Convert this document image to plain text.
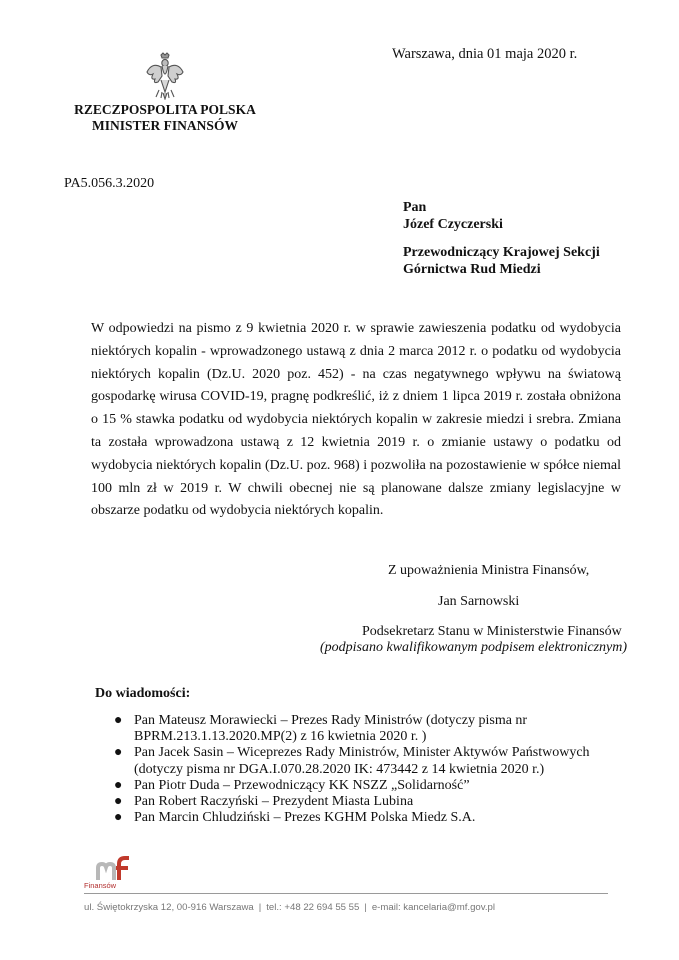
Warszawa, dnia 01 maja 2020 r.
RZECZPOSPOLITA POLSKA
MINISTER FINANSÓW
PA5.056.3.2020
Pan
Józef Czyczerski
Przewodniczący Krajowej Sekcji
Górnictwa Rud Miedzi
W odpowiedzi na pismo z 9 kwietnia 2020 r. w sprawie zawieszenia podatku od wydobycia niektórych kopalin - wprowadzonego ustawą z dnia 2 marca 2012 r. o podatku od wydobycia niektórych kopalin (Dz.U. 2020 poz. 452) - na czas negatywnego wpływu na światową gospodarkę wirusa COVID-19, pragnę podkreślić, iż z dniem 1 lipca 2019 r. została obniżona o 15 % stawka podatku od wydobycia niektórych kopalin w zakresie miedzi i srebra. Zmiana ta została wprowadzona ustawą z 12 kwietnia 2019 r. o zmianie ustawy o podatku od wydobycia niektórych kopalin (Dz.U. poz. 968) i pozwoliła na pozostawienie w spółce niemal 100 mln zł w 2019 r. W chwili obecnej nie są planowane dalsze zmiany legislacyjne w obszarze podatku od wydobycia niektórych kopalin.
Z upoważnienia Ministra Finansów,
Jan Sarnowski
Podsekretarz Stanu w Ministerstwie Finansów
(podpisano kwalifikowanym podpisem elektronicznym)
Do wiadomości:
● Pan Mateusz Morawiecki – Prezes Rady Ministrów (dotyczy pisma nr
BPRM.213.1.13.2020.MP(2) z 16 kwietnia 2020 r. )
● Pan Jacek Sasin – Wiceprezes Rady Ministrów, Minister Aktywów Państwowych
(dotyczy pisma nr DGA.I.070.28.2020 IK: 473442 z 14 kwietnia 2020 r.)
● Pan Piotr Duda – Przewodniczący KK NSZZ „Solidarność”
● Pan Robert Raczyński – Prezydent Miasta Lubina
● Pan Marcin Chludziński – Prezes KGHM Polska Miedz S.A.
Finansów
ul. Świętokrzyska 12, 00-916 Warszawa | tel.: +48 22 694 55 55 | e-mail: kancelaria@mf.gov.pl
